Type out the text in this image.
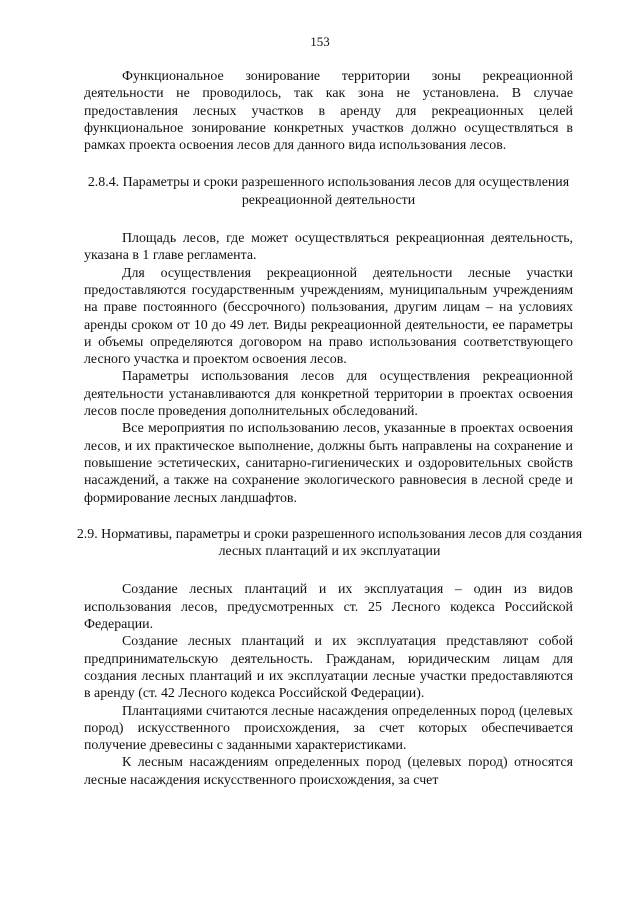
153

Функциональное зонирование территории зоны рекреационной деятельности не проводилось, так как зона не установлена. В случае предоставления лесных участков в аренду для рекреационных целей функциональное зонирование конкретных участков должно осуществляться в рамках проекта освоения лесов для данного вида использования лесов.

2.8.4. Параметры и сроки разрешенного использования лесов для осуществления рекреационной деятельности

Площадь лесов, где может осуществляться рекреационная деятельность, указана в 1 главе регламента.

Для осуществления рекреационной деятельности лесные участки предоставляются государственным учреждениям, муниципальным учреждениям на праве постоянного (бессрочного) пользования, другим лицам – на условиях аренды сроком от 10 до 49 лет. Виды рекреационной деятельности, ее параметры и объемы определяются договором на право использования соответствующего лесного участка и проектом освоения лесов.

Параметры использования лесов для осуществления рекреационной деятельности устанавливаются для конкретной территории в проектах освоения лесов после проведения дополнительных обследований.

Все мероприятия по использованию лесов, указанные в проектах освоения лесов, и их практическое выполнение, должны быть направлены на сохранение и повышение эстетических, санитарно-гигиенических и оздоровительных свойств насаждений, а также на сохранение экологического равновесия в лесной среде и формирование лесных ландшафтов.

2.9. Нормативы, параметры и сроки разрешенного использования лесов для создания лесных плантаций и их эксплуатации

Создание лесных плантаций и их эксплуатация – один из видов использования лесов, предусмотренных ст. 25 Лесного кодекса Российской Федерации.

Создание лесных плантаций и их эксплуатация представляют собой предпринимательскую деятельность. Гражданам, юридическим лицам для создания лесных плантаций и их эксплуатации лесные участки предоставляются в аренду (ст. 42 Лесного кодекса Российской Федерации).

Плантациями считаются лесные насаждения определенных пород (целевых пород) искусственного происхождения, за счет которых обеспечивается получение древесины с заданными характеристиками.

К лесным насаждениям определенных пород (целевых пород) относятся лесные насаждения искусственного происхождения, за счет
